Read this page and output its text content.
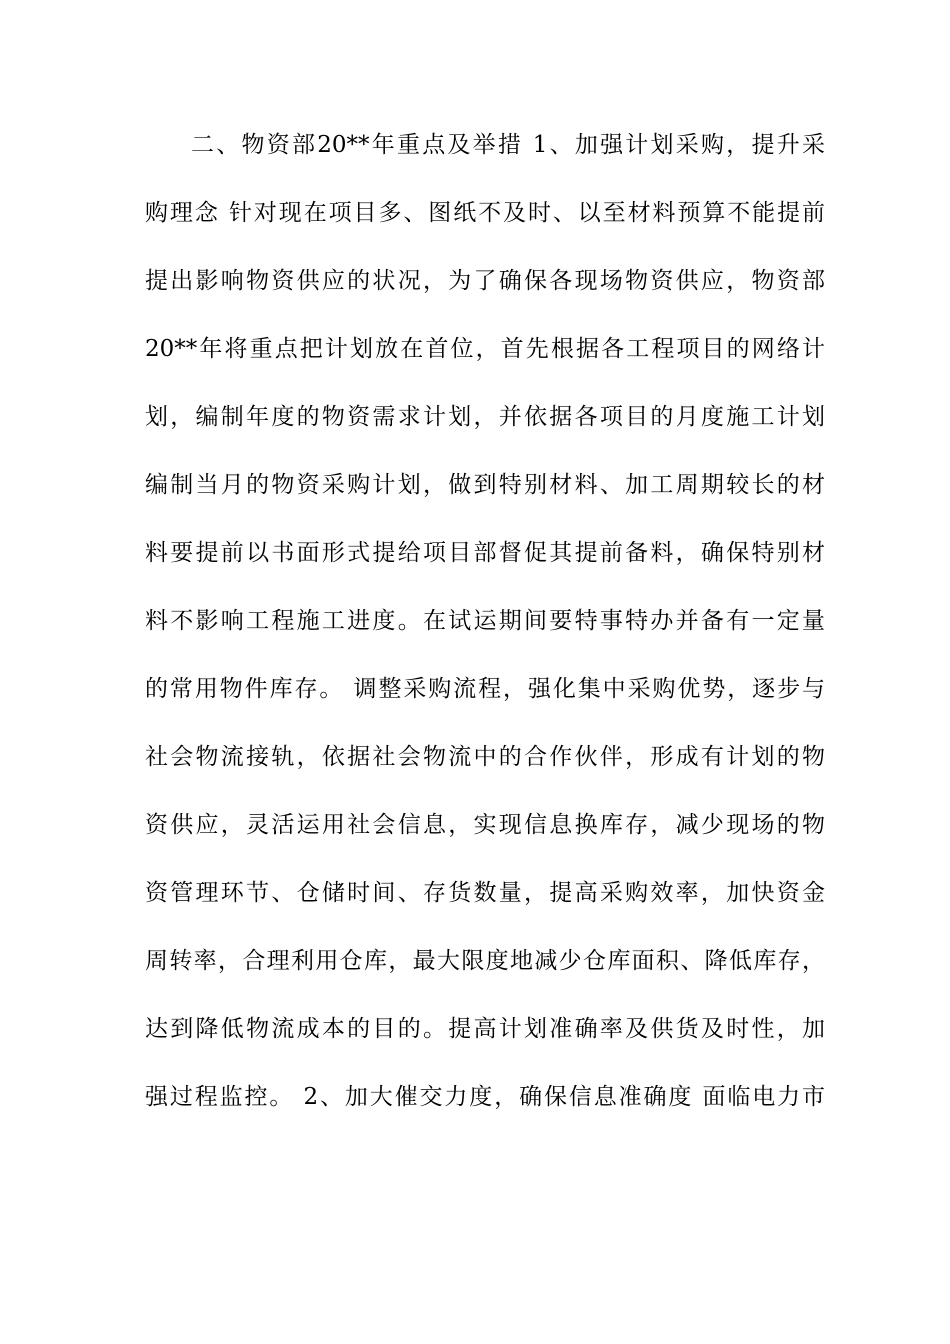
二、物资部20**年重点及举措 1、加强计划采购，提升采
购理念 针对现在项目多、图纸不及时、以至材料预算不能提前
提出影响物资供应的状况，为了确保各现场物资供应，物资部
20**年将重点把计划放在首位，首先根据各工程项目的网络计
划，编制年度的物资需求计划，并依据各项目的月度施工计划
编制当月的物资采购计划，做到特别材料、加工周期较长的材
料要提前以书面形式提给项目部督促其提前备料，确保特别材
料不影响工程施工进度。在试运期间要特事特办并备有一定量
的常用物件库存。 调整采购流程，强化集中采购优势，逐步与
社会物流接轨，依据社会物流中的合作伙伴，形成有计划的物
资供应，灵活运用社会信息，实现信息换库存，减少现场的物
资管理环节、仓储时间、存货数量，提高采购效率，加快资金
周转率，合理利用仓库，最大限度地减少仓库面积、降低库存，
达到降低物流成本的目的。提高计划准确率及供货及时性，加
强过程监控。 2、加大催交力度，确保信息准确度 面临电力市
